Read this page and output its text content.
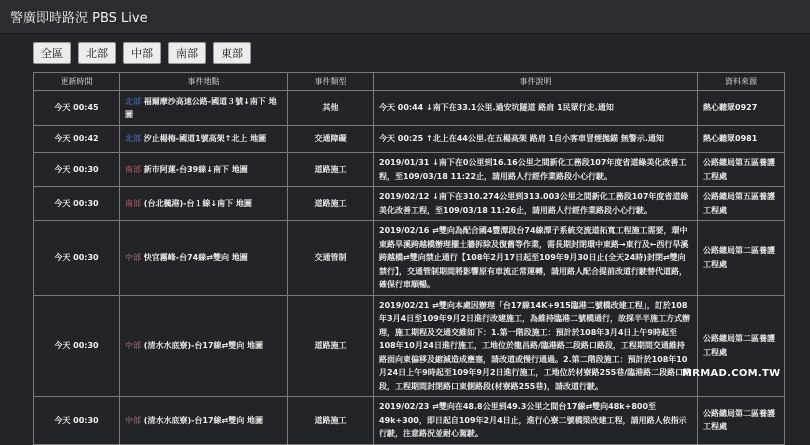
警廣即時路況 PBS Live
全區	北部	中部	南部	東部
更新時間	事件地點	事件類型	事件說明	資料來源
今天 00:45	北部 福爾摩沙高速公路-國道３號↓南下 地圖	其他	今天 00:44 ↓南下在33.1公里.過安坑隧道 路肩 1民眾行走.通知	熱心聽眾0927
今天 00:42	北部 汐止楊梅-國道1號高架↑北上 地圖	交通障礙	今天 00:25 ↑北上在44公里.在五楊高架 路肩 1自小客車冒煙拋錨 無警示.通知	熱心聽眾0981
今天 00:30	南部 新市阿蓮-台39線↓南下 地圖	道路施工	2019/01/31 ↓南下在0公里到16.16公里之間新化工務段107年度省道綠美化改善工程，至109/03/18 11:22止，請用路人行經作業路段小心行駛。	公路總局第五區養護工程處
今天 00:30	南部 (台北楓港)-台１線↓南下 地圖	道路施工	2019/02/12 ↓南下在310.274公里到313.003公里之間新化工務段107年度省道綠美化改善工程，至109/03/18 11:26止，請用路人行經作業路段小心行駛。	公路總局第五區養護工程處
今天 00:30	中部 快官霧峰-台74線⇄雙向 地圖	交通管制	2019/02/16 ⇄雙向為配合國4豐潭段台74線潭子系統交流道拓寬工程施工需要，環中東路旱溪跨越橋辦理擺土牆拆除及復舊等作業，需長期封閉環中東路→東行及←西行旱溪跨越橋⇄雙向禁止通行【108年2月17日起至109年9月30日止(全天24時)封閉⇄雙向禁行】，交通管制期間將影響原有車流正常運轉，請用路人配合提前改道行駛替代道路，確保行車順暢。	公路總局第二區養護工程處
今天 00:30	中部 (清水水底寮)-台17線⇄雙向 地圖	道路施工	2019/02/21 ⇄雙向本處因辦理「台17線14K+915臨港二號橋改建工程」，訂於108年3月4日至109年9月2日進行改建施工，為維持臨港二號橋通行，故採半半施工方式辦理，施工期程及交通交維如下：1.第一階段施工：預計於108年3月4日上午9時起至108年10月24日進行施工，工地位於龍昌路/臨港路二段路口路段，工程期間交通維持路面向東偏移及縮減造成壅塞，請改道或慢行通過。2.第二階段施工：預計於108年10月24日上午9時起至109年9月2日進行施工，工地位於材寮路255巷/臨港路二段路口路段，工程期間封閉路口東側路段(材寮路255巷)，請改道行駛。	公路總局第二區養護工程處
今天 00:30	中部 (清水水底寮)-台17線⇄雙向 地圖	道路施工	2019/02/23 ⇄雙向在48.8公里到49.3公里之間台17線⇄雙向48k+800至49k+300，即日起自109年2月4日止，進行心寮二號橋梁改建工程，請用路人依指示行駛，注意路況並耐心駕駛。	公路總局第二區養護工程處
MRMAD.COM.TW
